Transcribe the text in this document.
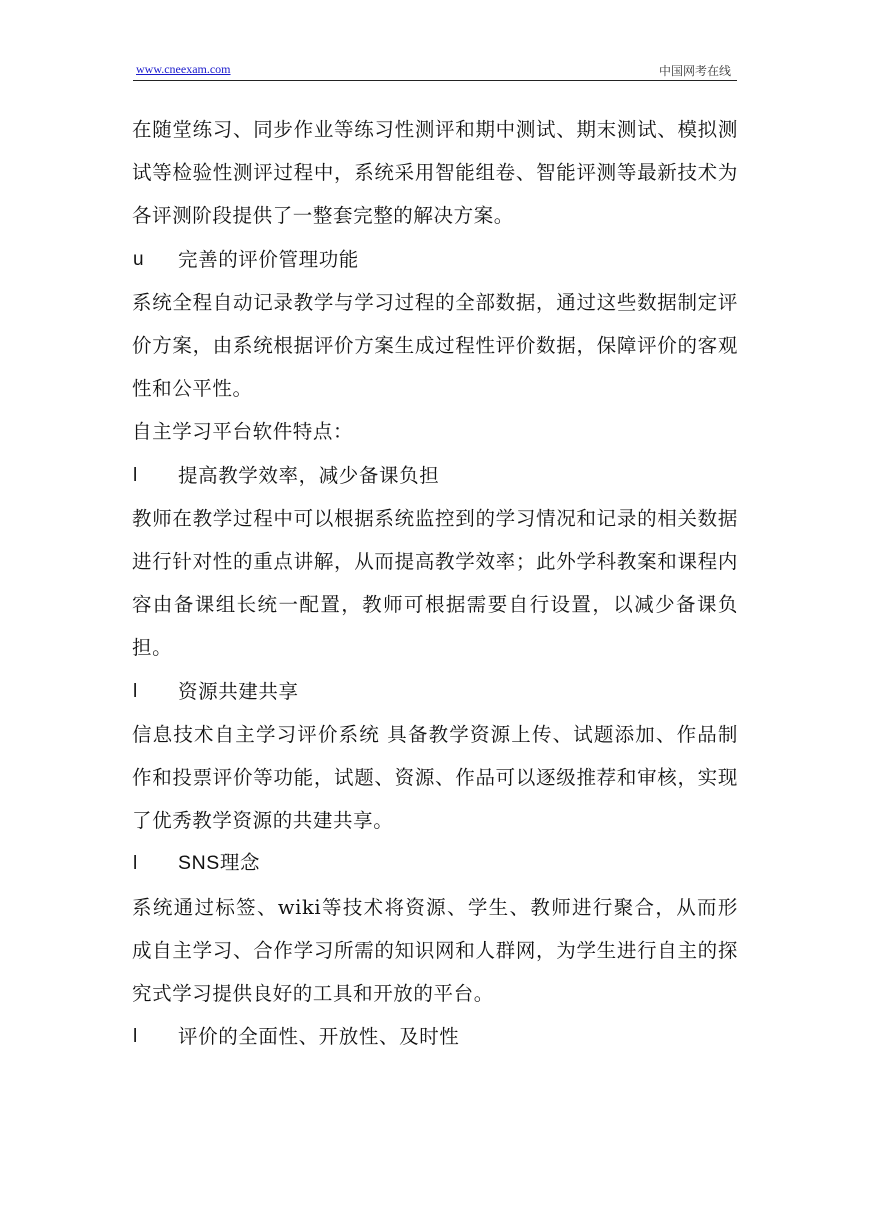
www.cneexam.com	中国网考在线

在随堂练习、同步作业等练习性测评和期中测试、期末测试、模拟测试等检验性测评过程中，系统采用智能组卷、智能评测等最新技术为各评测阶段提供了一整套完整的解决方案。

u 完善的评价管理功能

系统全程自动记录教学与学习过程的全部数据，通过这些数据制定评价方案，由系统根据评价方案生成过程性评价数据，保障评价的客观性和公平性。

自主学习平台软件特点：

l 提高教学效率，减少备课负担

教师在教学过程中可以根据系统监控到的学习情况和记录的相关数据进行针对性的重点讲解，从而提高教学效率；此外学科教案和课程内容由备课组长统一配置，教师可根据需要自行设置，以减少备课负担。

l 资源共建共享

信息技术自主学习评价系统 具备教学资源上传、试题添加、作品制作和投票评价等功能，试题、资源、作品可以逐级推荐和审核，实现了优秀教学资源的共建共享。

l SNS理念

系统通过标签、wiki等技术将资源、学生、教师进行聚合，从而形成自主学习、合作学习所需的知识网和人群网，为学生进行自主的探究式学习提供良好的工具和开放的平台。

l 评价的全面性、开放性、及时性
